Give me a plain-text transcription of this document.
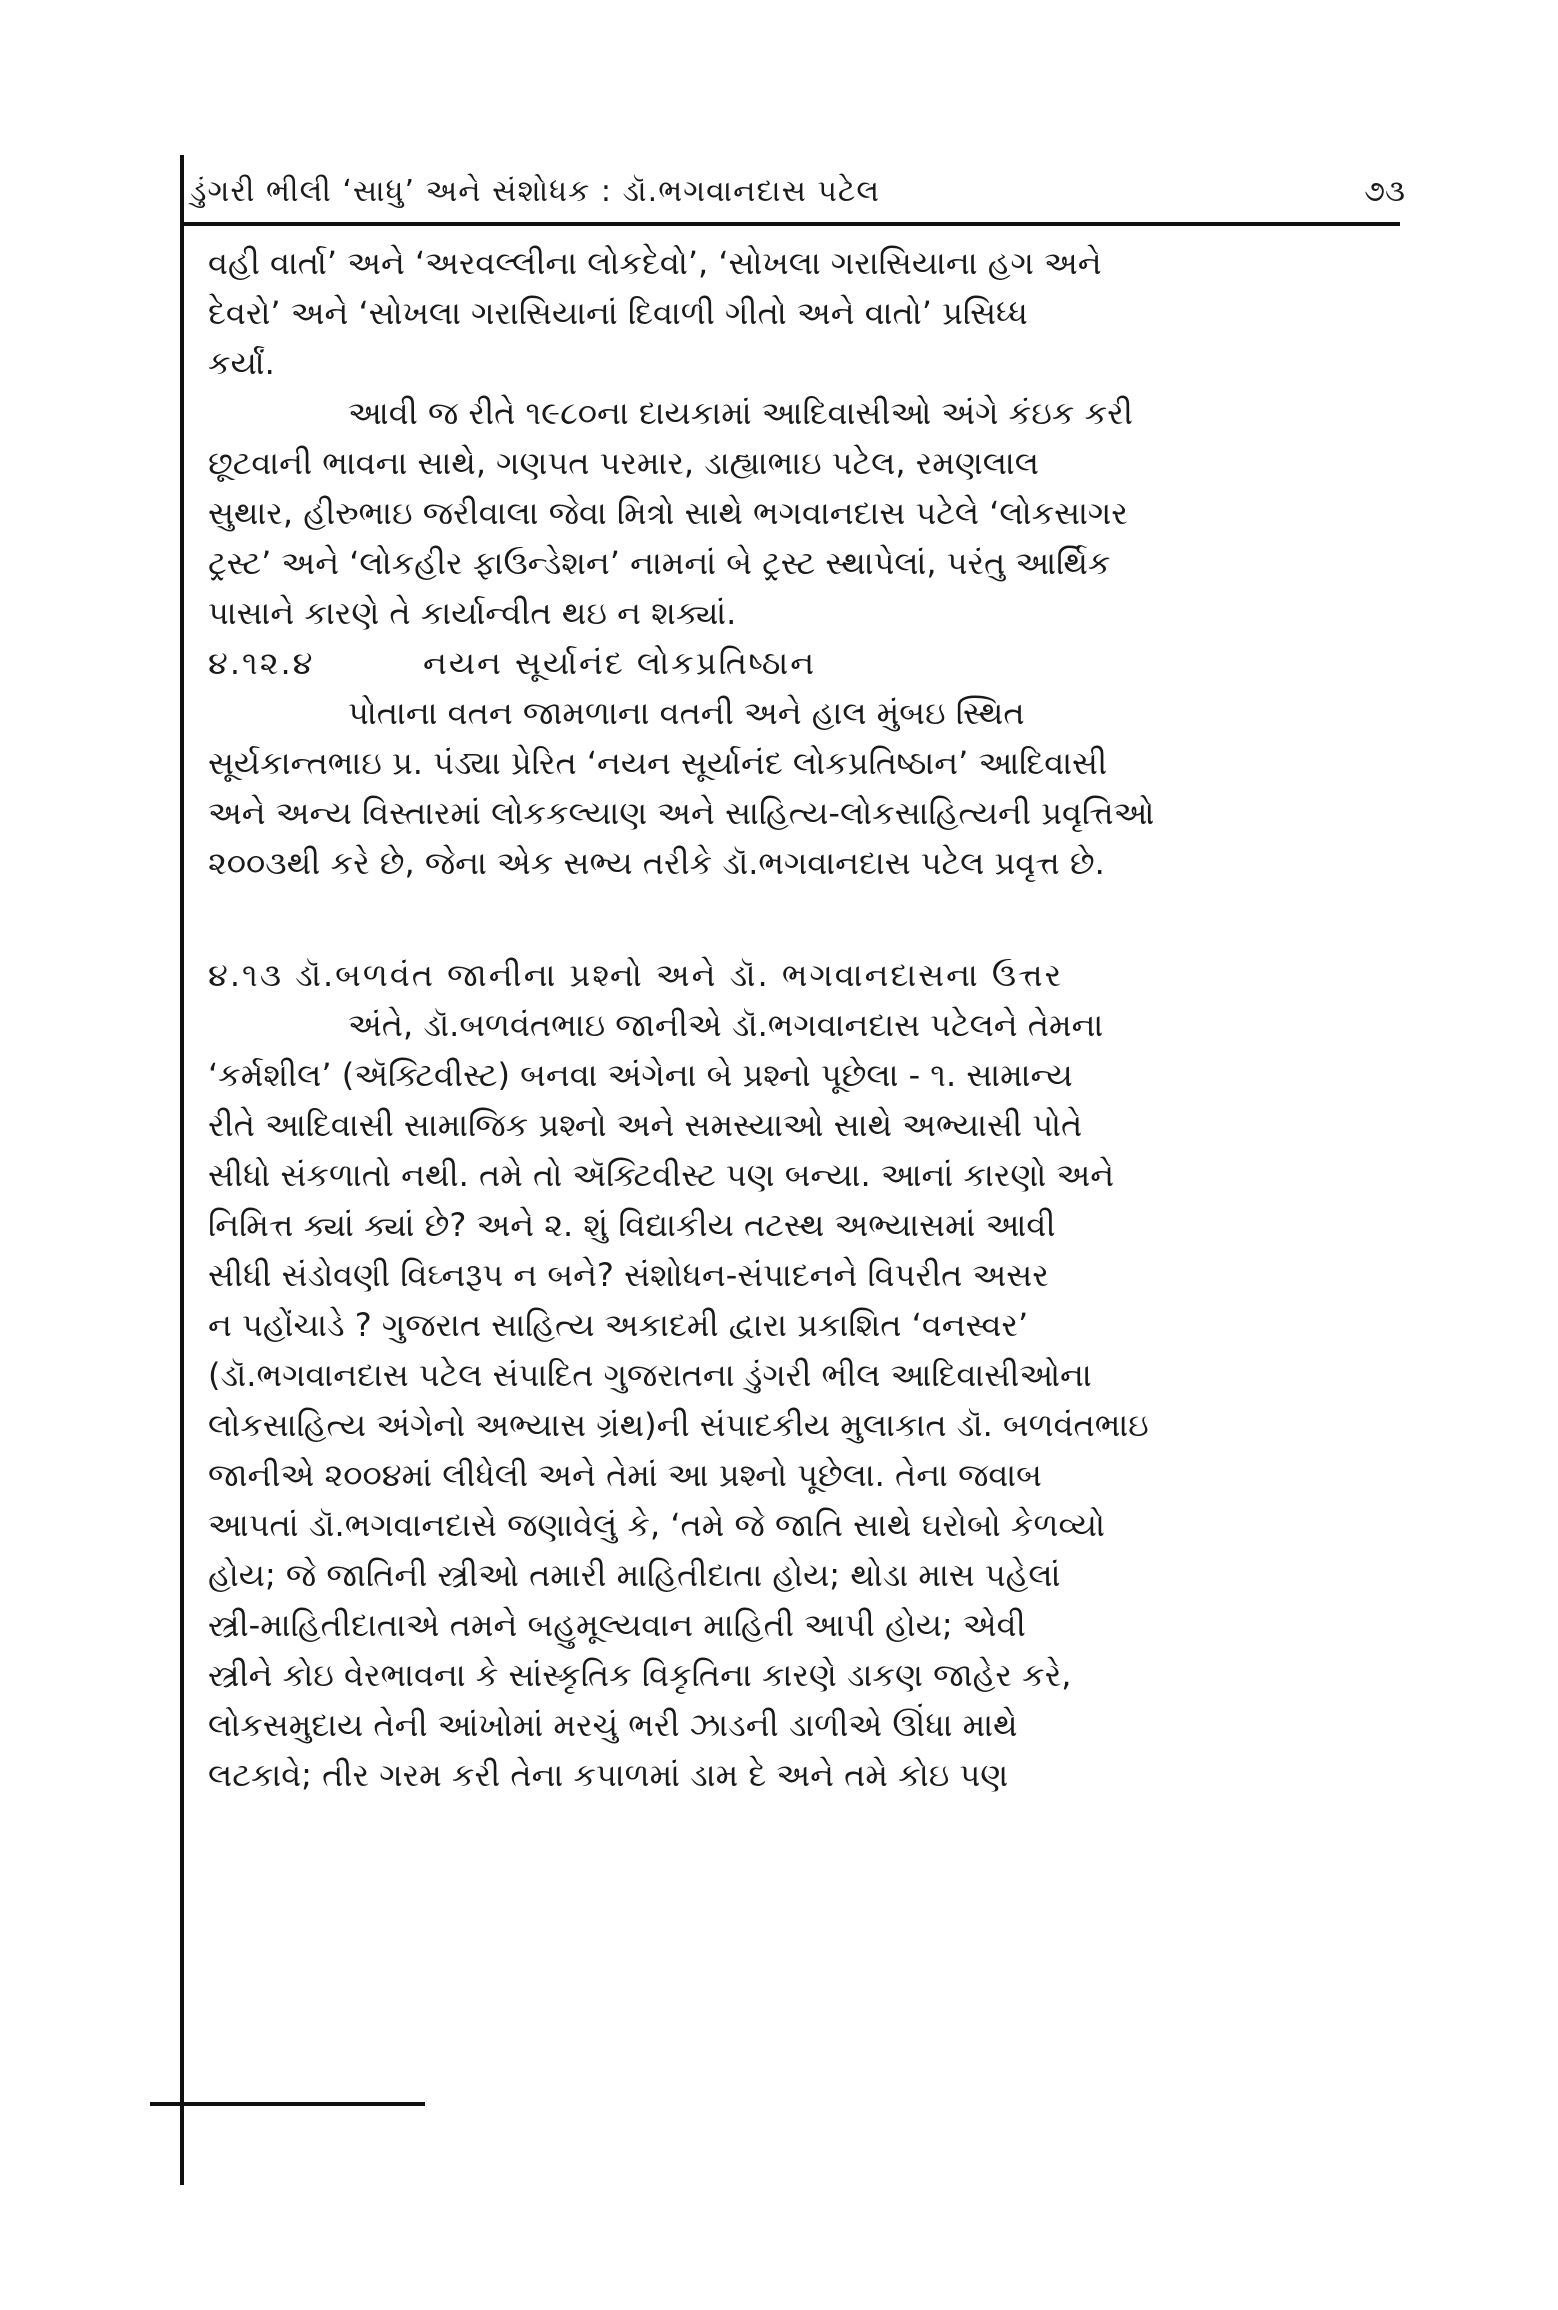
ડુંગરી ભીલી ‘સાધુ’ અને સંશોધક : ડૉ.ભગવાનદાસ પટેલ	૭૩
વહી વાર્તા’ અને ‘અરવલ્લીના લોકદેવો’, ‘સોખલા ગરાસિયાના હગ અને
દેવરો’ અને ‘સોખલા ગરાસિયાનાં દિવાળી ગીતો અને વાતો’ પ્રસિધ્ધ
કર્યાં.
આવી જ રીતે ૧૯૮૦ના દાયકામાં આદિવાસીઓ અંગે કંઇક કરી
છૂટવાની ભાવના સાથે, ગણપત પરમાર, ડાહ્યાભાઇ પટેલ, રમણલાલ
સુથાર, હીરુભાઇ જરીવાલા જેવા મિત્રો સાથે ભગવાનદાસ પટેલે ‘લોકસાગર
ટ્રસ્ટ’ અને ‘લોકહીર ફાઉન્ડેશન’ નામનાં બે ટ્રસ્ટ સ્થાપેલાં, પરંતુ આર્થિક
પાસાને કારણે તે કાર્યાન્વીત થઇ ન શક્યાં.
૪.૧૨.૪	નયન સૂર્યાનંદ લોકપ્રતિષ્ઠાન
પોતાના વતન જામળાના વતની અને હાલ મુંબઇ સ્થિત
સૂર્યકાન્તભાઇ પ્ર. પંડ્યા પ્રેરિત ‘નયન સૂર્યાનંદ લોકપ્રતિષ્ઠાન’ આદિવાસી
અને અન્ય વિસ્તારમાં લોકકલ્યાણ અને સાહિત્ય-લોકસાહિત્યની પ્રવૃત્તિઓ
૨૦૦૩થી કરે છે, જેના એક સભ્ય તરીકે ડૉ.ભગવાનદાસ પટેલ પ્રવૃત્ત છે.
૪.૧૩ ડૉ.બળવંત જાનીના પ્રશ્નો અને ડૉ. ભગવાનદાસના ઉત્તર
અંતે, ડૉ.બળવંતભાઇ જાનીએ ડૉ.ભગવાનદાસ પટેલને તેમના
‘કર્મશીલ’ (ઍક્ટિવીસ્ટ) બનવા અંગેના બે પ્રશ્નો પૂછેલા - ૧. સામાન્ય
રીતે આદિવાસી સામાજિક પ્રશ્નો અને સમસ્યાઓ સાથે અભ્યાસી પોતે
સીધો સંકળાતો નથી. તમે તો ઍક્ટિવીસ્ટ પણ બન્યા. આનાં કારણો અને
નિમિત્ત ક્યાં ક્યાં છે? અને ૨. શું વિદ્યાકીય તટસ્થ અભ્યાસમાં આવી
સીધી સંડોવણી વિઘ્નરૂપ ન બને? સંશોધન-સંપાદનને વિપરીત અસર
ન પહોંચાડે ? ગુજરાત સાહિત્ય અકાદમી દ્વારા પ્રકાશિત ‘વનસ્વર’
(ડૉ.ભગવાનદાસ પટેલ સંપાદિત ગુજરાતના ડુંગરી ભીલ આદિવાસીઓના
લોકસાહિત્ય અંગેનો અભ્યાસ ગ્રંથ)ની સંપાદકીય મુલાકાત ડૉ. બળવંતભાઇ
જાનીએ ૨૦૦૪માં લીધેલી અને તેમાં આ પ્રશ્નો પૂછેલા. તેના જવાબ
આપતાં ડૉ.ભગવાનદાસે જણાવેલું કે, ‘તમે જે જાતિ સાથે ઘરોબો કેળવ્યો
હોય; જે જાતિની સ્ત્રીઓ તમારી માહિતીદાતા હોય; થોડા માસ પહેલાં
સ્ત્રી-માહિતીદાતાએ તમને બહુમૂલ્યવાન માહિતી આપી હોય; એવી
સ્ત્રીને કોઇ વેરભાવના કે સાંસ્કૃતિક વિકૃતિના કારણે ડાકણ જાહેર કરે,
લોકસમુદાય તેની આંખોમાં મરચું ભરી ઝાડની ડાળીએ ઊંધા માથે
લટકાવે; તીર ગરમ કરી તેના કપાળમાં ડામ દે અને તમે કોઇ પણ
